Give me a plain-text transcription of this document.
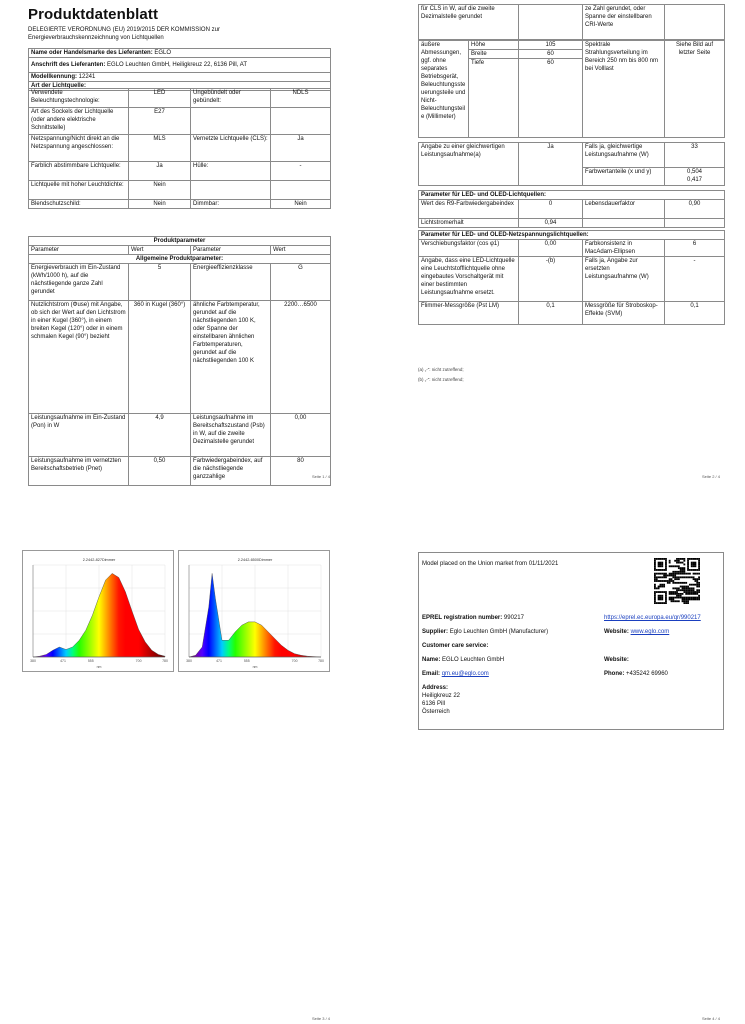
Produktdatenblatt
DELEGIERTE VERORDNUNG (EU) 2019/2015 DER KOMMISSION zur Energieverbrauchskennzeichnung von Lichtquellen
Name oder Handelsmarke des Lieferanten: EGLO
Anschrift des Lieferanten: EGLO Leuchten GmbH, Heiligkreuz 22, 6136 Pill, AT
Modellkennung: 12241
Art der Lichtquelle:
Verwendete Beleuchtungstechnologie:	LED	Ungebündelt oder gebündelt:	NDLS
Art des Sockels der Lichtquelle (oder andere elektrische Schnittstelle)	E27		
Netzspannung/Nicht direkt an die Netzspannung angeschlossen:	MLS	Vernetzte Lichtquelle (CLS):	Ja
Farblich abstimmbare Lichtquelle:	Ja	Hülle:	-
Lichtquelle mit hoher Leuchtdichte:	Nein		
Blendschutzschild:	Nein	Dimmbar:	Nein
Produktparameter			
Parameter	Wert	Parameter	Wert
Allgemeine Produktparameter:			
Energieverbrauch im Ein-Zustand (kWh/1000 h), auf die nächstliegende ganze Zahl gerundet	5	Energieeffizienzklasse	G
Nutzlichtstrom (Φuse) mit Angabe, ob sich der Wert auf den Lichtstrom in einer Kugel (360°), in einem breiten Kegel (120°) oder in einem schmalen Kegel (90°) bezieht	360 in Kugel (360°)	ähnliche Farbtemperatur, gerundet auf die nächstliegenden 100 K, oder Spanne der einstellbaren ähnlichen Farbtemperaturen, gerundet auf die nächstliegenden 100 K	2200…6500
Leistungsaufnahme im Ein-Zustand (Pon) in W	4,9	Leistungsaufnahme im Bereitschaftszustand (Psb) in W, auf die zweite Dezimalstelle gerundet	0,00
Leistungsaufnahme im vernetzten Bereitschaftsbetrieb (Pnet)	0,50	Farbwiedergabeindex, auf die nächstliegende ganzzahlige	80
Seite 1 / 4
für CLS in W, auf die zweite Dezimalstelle gerundet		ze Zahl gerundet, oder Spanne der einstellbaren CRI-Werte	
äußere Abmessungen, ggf. ohne separates Betriebsgerät, Beleuchtungssteuerungsteile und Nicht-Beleuchtungsteile (Millimeter)	Höhe	105	Spektrale Strahlungsverteilung im Bereich 250 nm bis 800 nm bei Volllast	Siehe Bild auf letzter Seite
	Breite	60		
	Tiefe	60		
Angabe zu einer gleichwertigen Leistungsaufnahme(a)	Ja	Falls ja, gleichwertige Leistungsaufnahme (W)	33
		Farbwertanteile (x und y)	0,504
0,417
Parameter für LED- und OLED-Lichtquellen:			
Wert des R9-Farbwiedergabeindex	0	Lebensdauerfaktor	0,90
Lichtstromerhalt	0,94		
Parameter für LED- und OLED-Netzspannungslichtquellen:			
Verschiebungsfaktor (cos φ1)	0,00	Farbkonsistenz in MacAdam-Ellipsen	6
Angabe, dass eine LED-Lichtquelle eine Leuchtstofflichtquelle ohne eingebautes Vorschaltgerät mit einer bestimmten Leistungsaufnahme ersetzt.	-(b)	Falls ja, Angabe zur ersetzten Leistungsaufnahme (W)	-
Flimmer-Messgröße (Pst LM)	0,1	Messgröße für Stroboskop-Effekte (SVM)	0,1
(a) „-“: nicht zutreffend;
(b) „-“: nicht zutreffend;
Seite 2 / 4
380	471	555	700	780
nm
2.2442-827Dimmer
380	471	555	700	780
nm
2.2442-6500Dimmer
Seite 3 / 4
Model placed on the Union market from 01/11/2021
EPREL registration number: 990217	https://eprel.ec.europa.eu/qr/990217
Supplier: Eglo Leuchten GmbH (Manufacturer)	Website: www.eglo.com
Customer care service:
Name: EGLO Leuchten GmbH	Website:
Email: qm.eu@eglo.com	Phone: +435242 69960
Address:
Heiligkreuz 22
6136 Pill
Österreich
Seite 4 / 4
